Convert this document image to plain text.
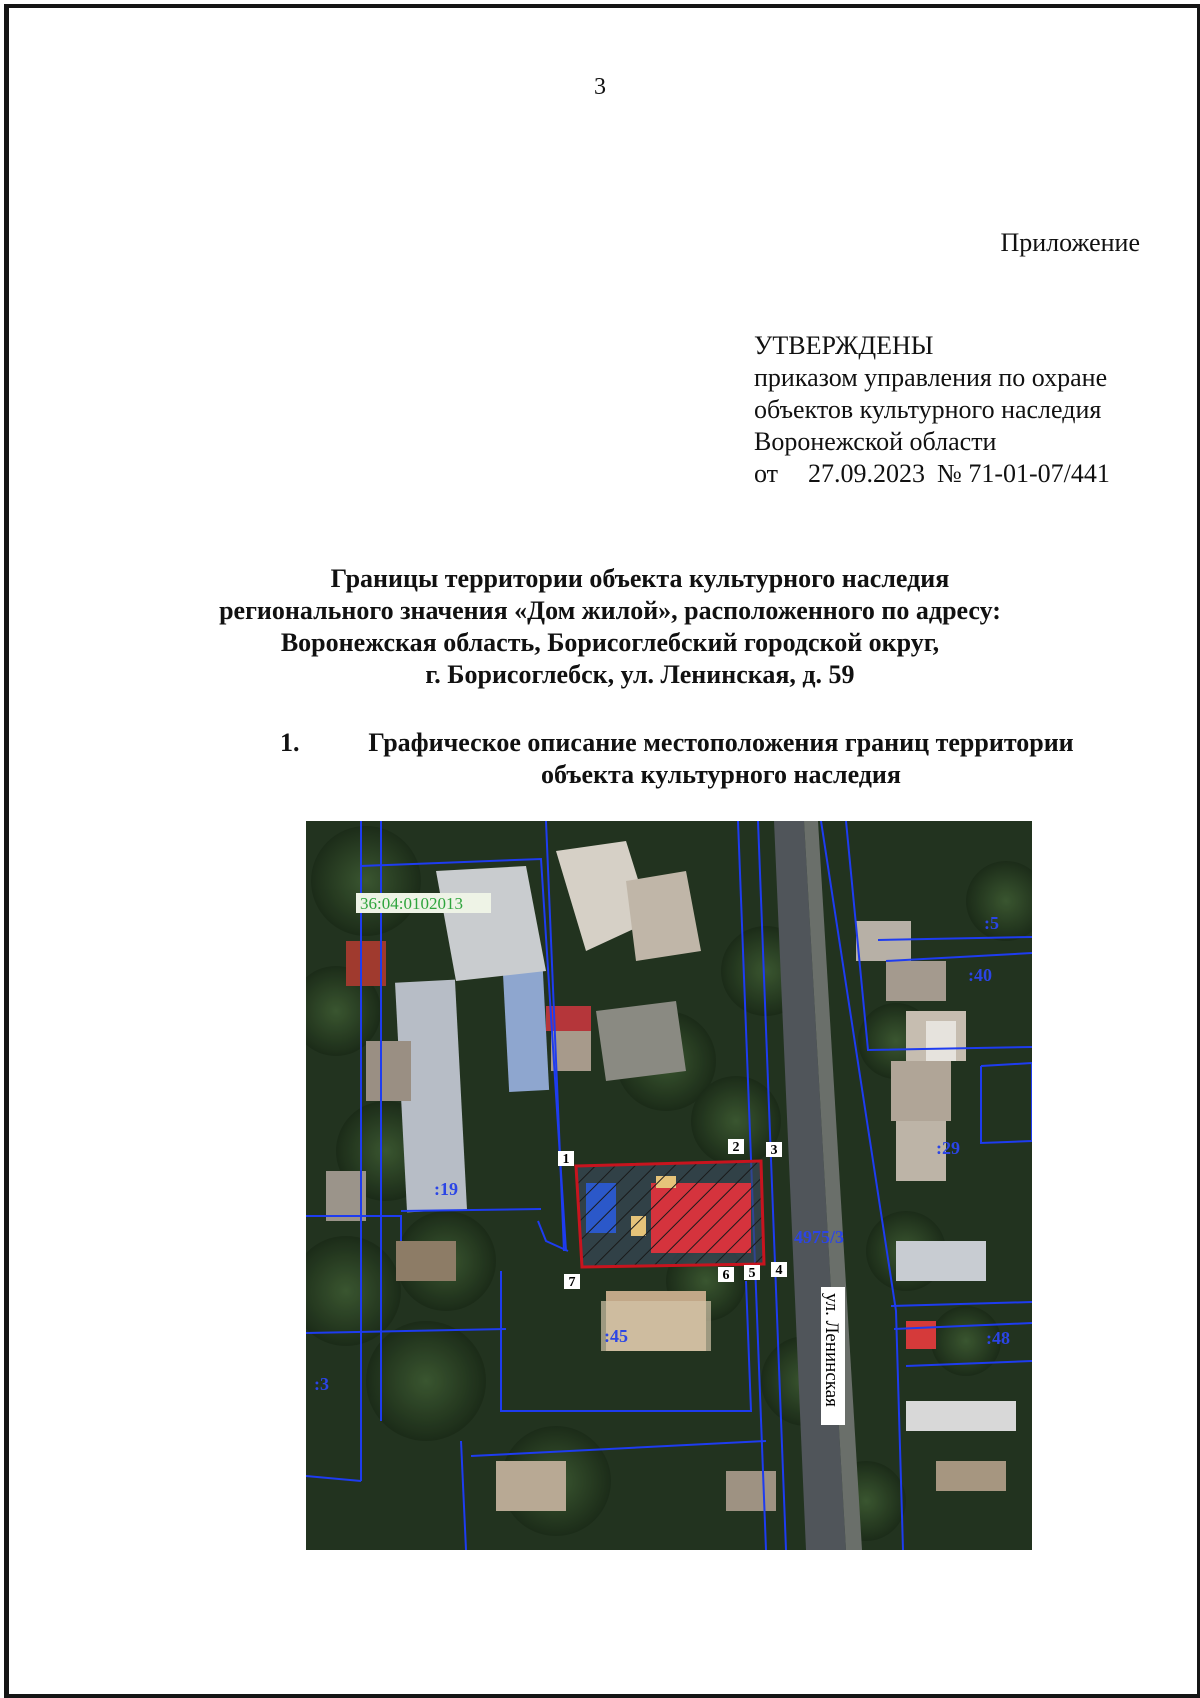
3
Приложение
УТВЕРЖДЕНЫ
приказом управления по охране
объектов культурного наследия
Воронежской области
от 27.09.2023 № 71-01-07/441
Границы территории объекта культурного наследия
регионального значения «Дом жилой», расположенного по адресу:
Воронежская область, Борисоглебский городской округ,
г. Борисоглебск, ул. Ленинская, д. 59
1.	Графическое описание местоположения границ территории
объекта культурного наследия
1
2 3
4
5
6
7
36:04:0102013
:5
:40
:29
:19
4975/3
:45	:48
:3	ул. Ленинская
